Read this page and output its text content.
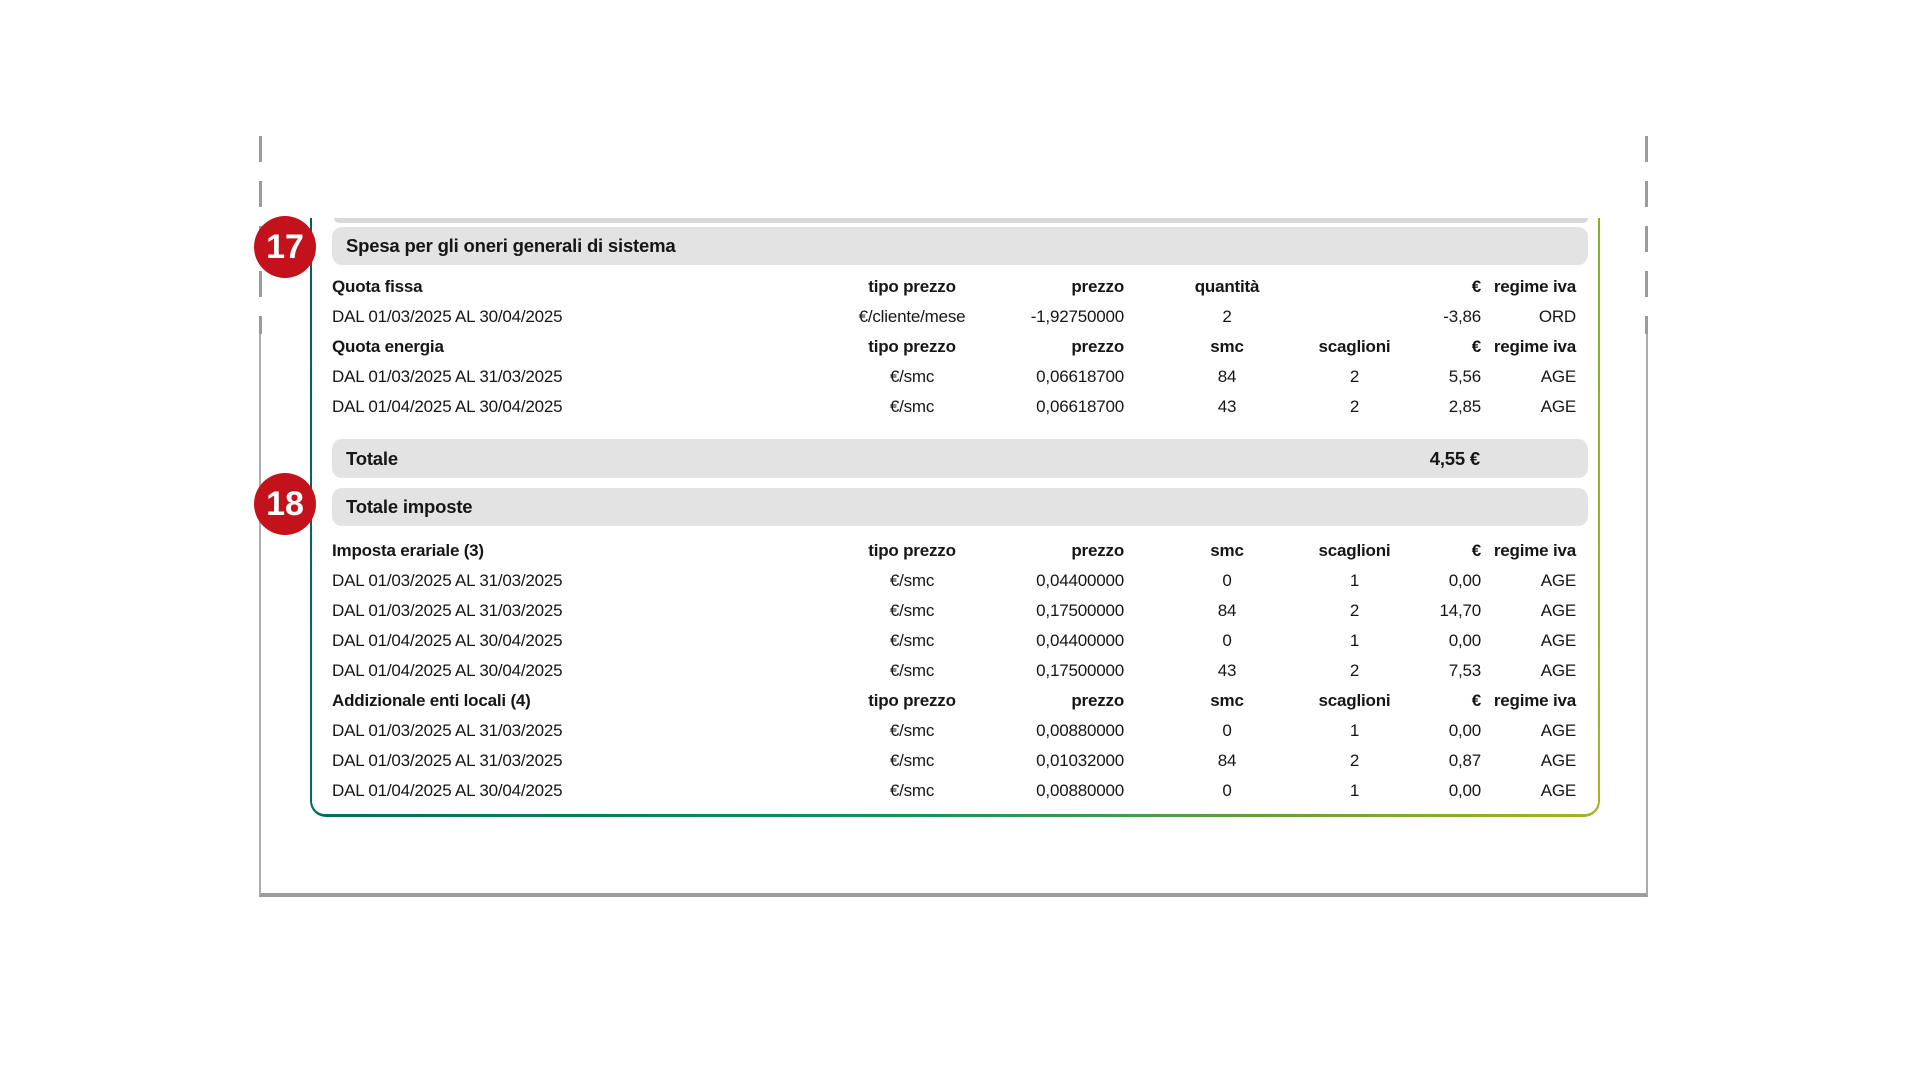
Spesa per gli oneri generali di sistema
Quota fissa	tipo prezzo	prezzo	quantità		€	regime iva
DAL 01/03/2025 AL 30/04/2025	€/cliente/mese	-1,92750000	2		-3,86	ORD
Quota energia	tipo prezzo	prezzo	smc	scaglioni	€	regime iva
DAL 01/03/2025 AL 31/03/2025	€/smc	0,06618700	84	2	5,56	AGE
DAL 01/04/2025 AL 30/04/2025	€/smc	0,06618700	43	2	2,85	AGE
Totale	4,55 €
Totale imposte
Imposta erariale (3)	tipo prezzo	prezzo	smc	scaglioni	€	regime iva
DAL 01/03/2025 AL 31/03/2025	€/smc	0,04400000	0	1	0,00	AGE
DAL 01/03/2025 AL 31/03/2025	€/smc	0,17500000	84	2	14,70	AGE
DAL 01/04/2025 AL 30/04/2025	€/smc	0,04400000	0	1	0,00	AGE
DAL 01/04/2025 AL 30/04/2025	€/smc	0,17500000	43	2	7,53	AGE
Addizionale enti locali (4)	tipo prezzo	prezzo	smc	scaglioni	€	regime iva
DAL 01/03/2025 AL 31/03/2025	€/smc	0,00880000	0	1	0,00	AGE
DAL 01/03/2025 AL 31/03/2025	€/smc	0,01032000	84	2	0,87	AGE
DAL 01/04/2025 AL 30/04/2025	€/smc	0,00880000	0	1	0,00	AGE
17
18
